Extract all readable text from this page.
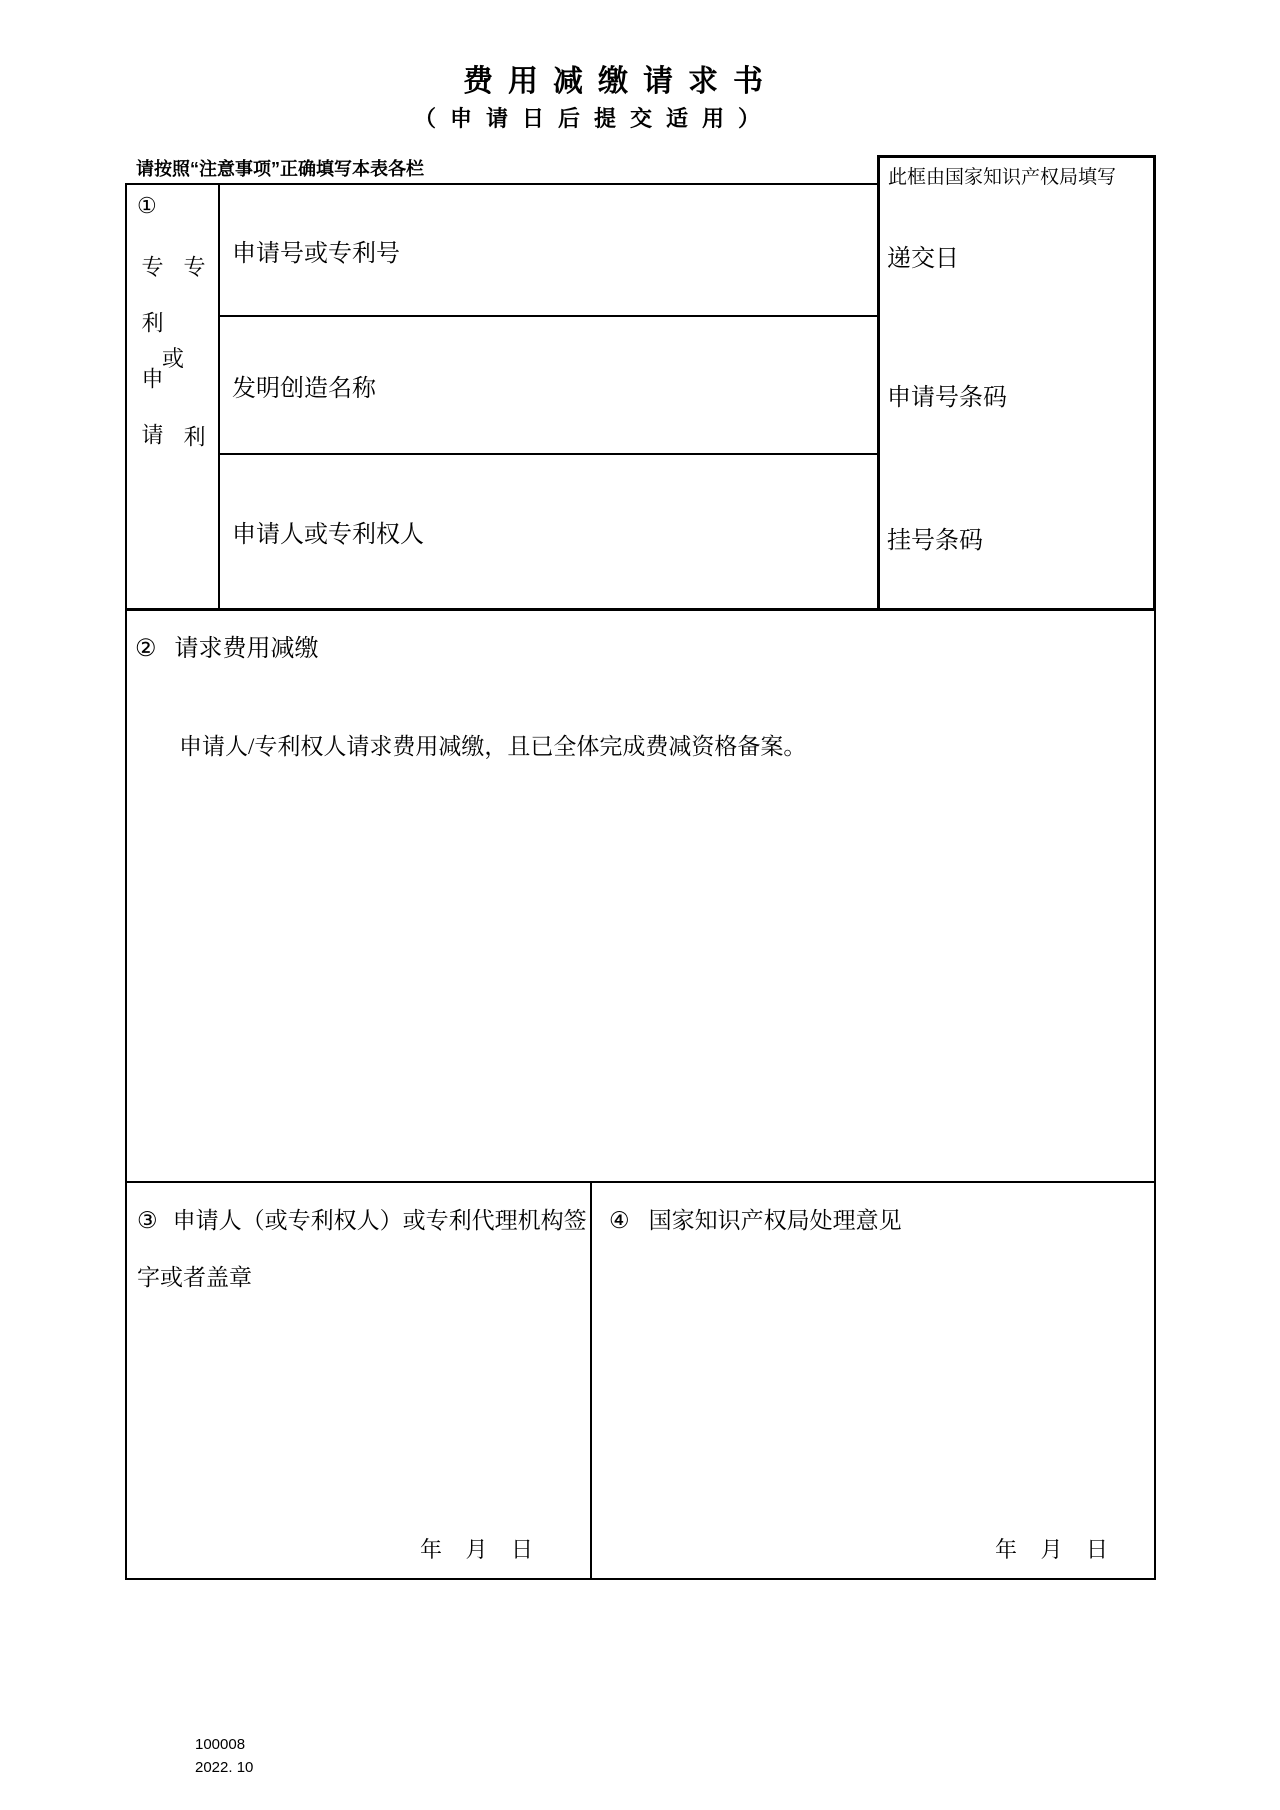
费用减缴请求书
（申请日后提交适用）
请按照“注意事项”正确填写本表各栏
①
专利申请
或
专利
申请号或专利号
发明创造名称
申请人或专利权人
此框由国家知识产权局填写
递交日
申请号条码
挂号条码
② 请求费用减缴
申请人/专利权人请求费用减缴，且已全体完成费减资格备案。
③ 申请人（或专利权人）或专利代理机构签字或者盖章
年 月 日
④ 国家知识产权局处理意见
年 月 日
100008
2022. 10
